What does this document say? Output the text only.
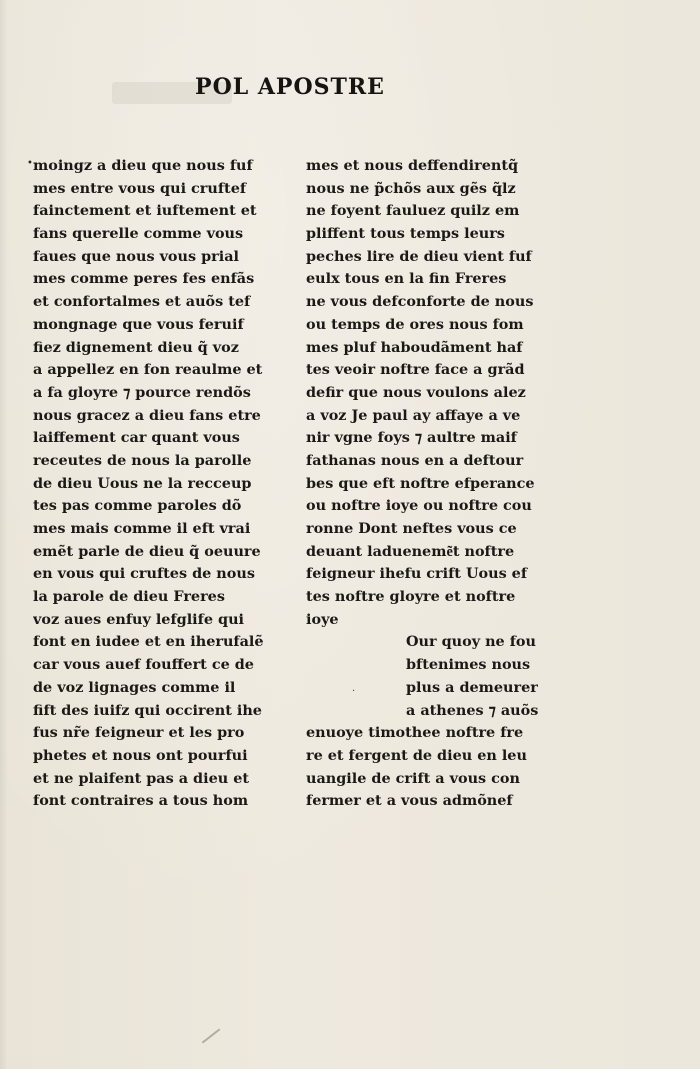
POL APOSTRE
• moingz a dieu que nous fuf
mes entre vous qui cruftef
fainctement et iuftement et
fans querelle comme vous
faues que nous vous prial
mes comme peres fes enfãs
et confortalmes et auõs tef
mongnage que vous feruif
fiez dignement dieu q̃ voz
a appellez en fon reaulme et
a fa gloyre ⁊ pource rendõs
nous gracez a dieu fans etre
laiffement car quant vous
receutes de nous la parolle
de dieu Uous ne la recceup
tes pas comme paroles dõ
mes mais comme il eft vrai
emẽt parle de dieu q̃ oeuure
en vous qui cruftes de nous
la parole de dieu Freres
voz aues enfuy lefglife qui
font en iudee et en iherufalẽ
car vous auef fouffert ce de
de voz lignages comme il
fift des iuifz qui occirent ihe
fus nr̃e feigneur et les pro
phetes et nous ont pourfui
et ne plaifent pas a dieu et
font contraires a tous hom
mes et nous deffendirentq̃
nous ne p̃chõs aux gẽs q̃lz
ne foyent fauluez quilz em
pliffent tous temps leurs
peches lire de dieu vient fuf
eulx tous en la fin Freres
ne vous defconforte de nous
ou temps de ores nous fom
mes pluf haboudãment haf
tes veoir noftre face a grãd
defir que nous voulons alez
a voz Je paul ay affaye a ve
nir vgne foys ⁊ aultre maif
fathanas nous en a deftour
bes que eft noftre efperance
ou noftre ioye ou noftre cou
ronne Dont neftes vous ce
deuant ladueneme͂t noftre
feigneur ihefu crift Uous ef
tes noftre gloyre et noftre
ioye
Our quoy ne fou
bftenimes nous
plus a demeurer
a athenes ⁊ auõs
enuoye timothee noftre fre
re et fergent de dieu en leu
uangile de crift a vous con
fermer et a vous admõnef
·
